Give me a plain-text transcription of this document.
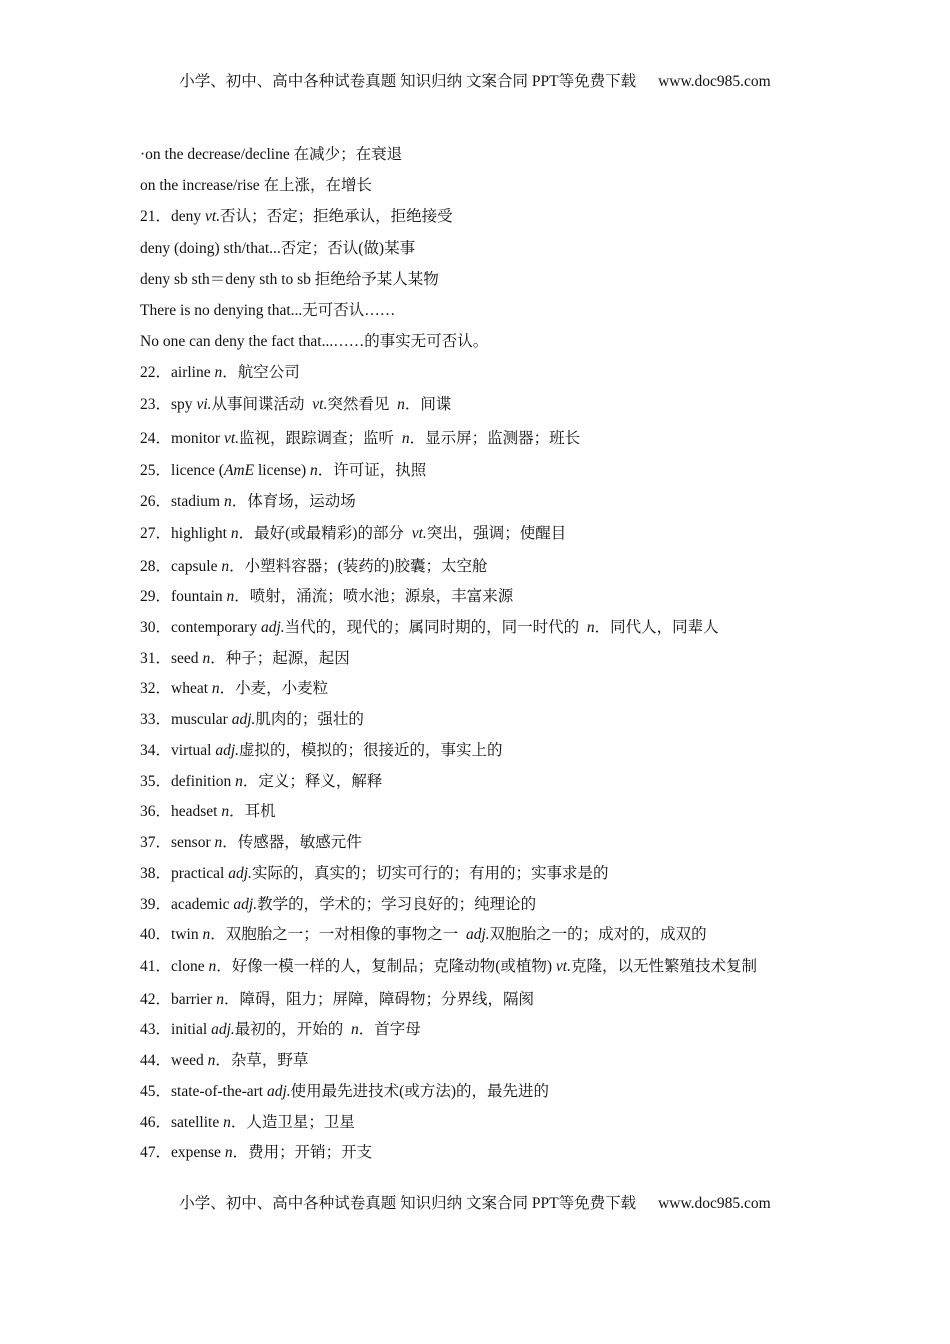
小学、初中、高中各种试卷真题 知识归纳 文案合同 PPT等免费下载 www.doc985.com
·on the decrease/decline 在减少；在衰退
on the increase/rise 在上涨，在增长
21．deny vt.否认；否定；拒绝承认，拒绝接受
deny (doing) sth/that...否定；否认(做)某事
deny sb sth＝deny sth to sb 拒绝给予某人某物
There is no denying that...无可否认……
No one can deny the fact that...……的事实无可否认。
22．airline n．航空公司
23．spy vi.从事间谍活动  vt.突然看见  n．间谍
24．monitor vt.监视，跟踪调查；监听  n．显示屏；监测器；班长
25．licence (AmE license) n．许可证，执照
26．stadium n．体育场，运动场
27．highlight n．最好(或最精彩)的部分  vt.突出，强调；使醒目
28．capsule n．小塑料容器；(装药的)胶囊；太空舱
29．fountain n．喷射，涌流；喷水池；源泉，丰富来源
30．contemporary adj.当代的，现代的；属同时期的，同一时代的  n．同代人，同辈人
31．seed n．种子；起源，起因
32．wheat n．小麦，小麦粒
33．muscular adj.肌肉的；强壮的
34．virtual adj.虚拟的，模拟的；很接近的，事实上的
35．definition n．定义；释义，解释
36．headset n．耳机
37．sensor n．传感器，敏感元件
38．practical adj.实际的，真实的；切实可行的；有用的；实事求是的
39．academic adj.教学的，学术的；学习良好的；纯理论的
40．twin n．双胞胎之一；一对相像的事物之一  adj.双胞胎之一的；成对的，成双的
41．clone n．好像一模一样的人，复制品；克隆动物(或植物) vt.克隆，以无性繁殖技术复制
42．barrier n．障碍，阻力；屏障，障碍物；分界线，隔阂
43．initial adj.最初的，开始的  n．首字母
44．weed n．杂草，野草
45．state-of-the-art adj.使用最先进技术(或方法)的，最先进的
46．satellite n．人造卫星；卫星
47．expense n．费用；开销；开支
小学、初中、高中各种试卷真题 知识归纳 文案合同 PPT等免费下载 www.doc985.com
